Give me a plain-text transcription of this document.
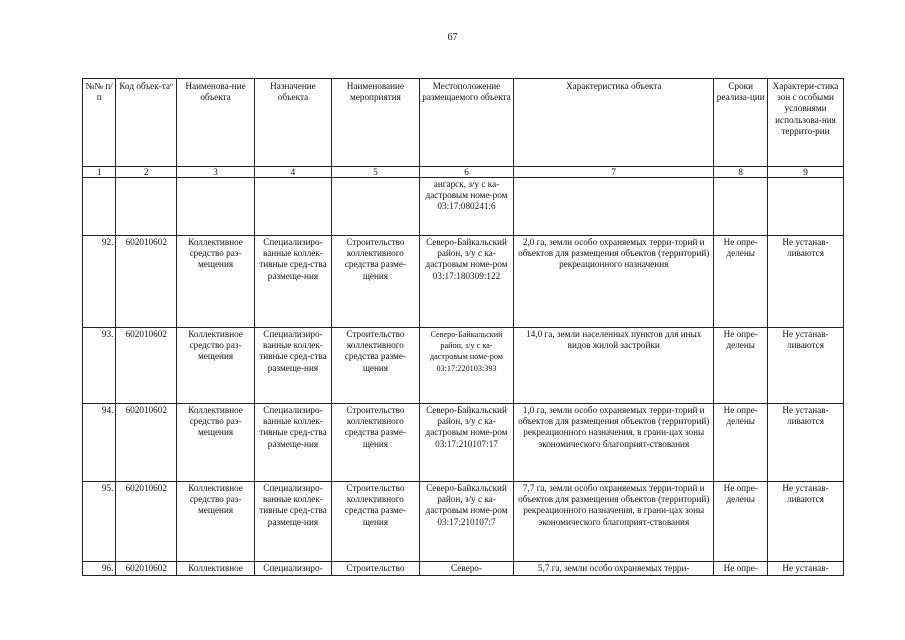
67
№№ п/п	Код объек-та⁶	Наименова-ние объекта	Назначение объекта	Наименование мероприятия	Местоположение размещаемого объекта	Характеристика объекта	Сроки реализа-ции	Характери-стика зон с особыми условиями использова-ния террито-рии
1	2	3	4	5	6	7	8	9
					ангарск, з/у с ка-дастровым номе-ром 03:17:080241:6			
92.	602010602	Коллективное средство раз-мещения	Специализиро-ванные коллек-тивные сред-ства размеще-ния	Строительство коллективного средства разме-щения	Северо-Байкальский район, з/у с ка-дастровым номе-ром 03:17:180309:122	2,0 га, земли особо охраняемых терри-торий и объектов для размещения объектов (территорий) рекреационного назначения	Не опре-делены	Не устанав-ливаются
93.	602010602	Коллективное средство раз-мещения	Специализиро-ванные коллек-тивные сред-ства размеще-ния	Строительство коллективного средства разме-щения	Северо-Байкальский район, з/у с ка-дастровым номе-ром 03:17:220103:393	14,0 га, земли населенных пунктов для иных видов жилой застройки	Не опре-делены	Не устанав-ливаются
94.	602010602	Коллективное средство раз-мещения	Специализиро-ванные коллек-тивные сред-ства размеще-ния	Строительство коллективного средства разме-щения	Северо-Байкальский район, з/у с ка-дастровым номе-ром 03:17:210107:17	1,0 га, земли особо охраняемых терри-торий и объектов для размещения объектов (территорий) рекреационного назначения, в грани-цах зоны экономического благоприят-ствования	Не опре-делены	Не устанав-ливаются
95.	602010602	Коллективное средство раз-мещения	Специализиро-ванные коллек-тивные сред-ства размеще-ния	Строительство коллективного средства разме-щения	Северо-Байкальский район, з/у с ка-дастровым номе-ром 03:17:210107:7	7,7 га, земли особо охраняемых терри-торий и объектов для размещения объектов (территорий) рекреационного назначения, в грани-цах зоны экономического благоприят-ствования	Не опре-делены	Не устанав-ливаются
96.	602010602	Коллективное	Специализиро-	Строительство	Северо-	5,7 га, земли особо охраняемых терри-	Не опре-	Не устанав-
